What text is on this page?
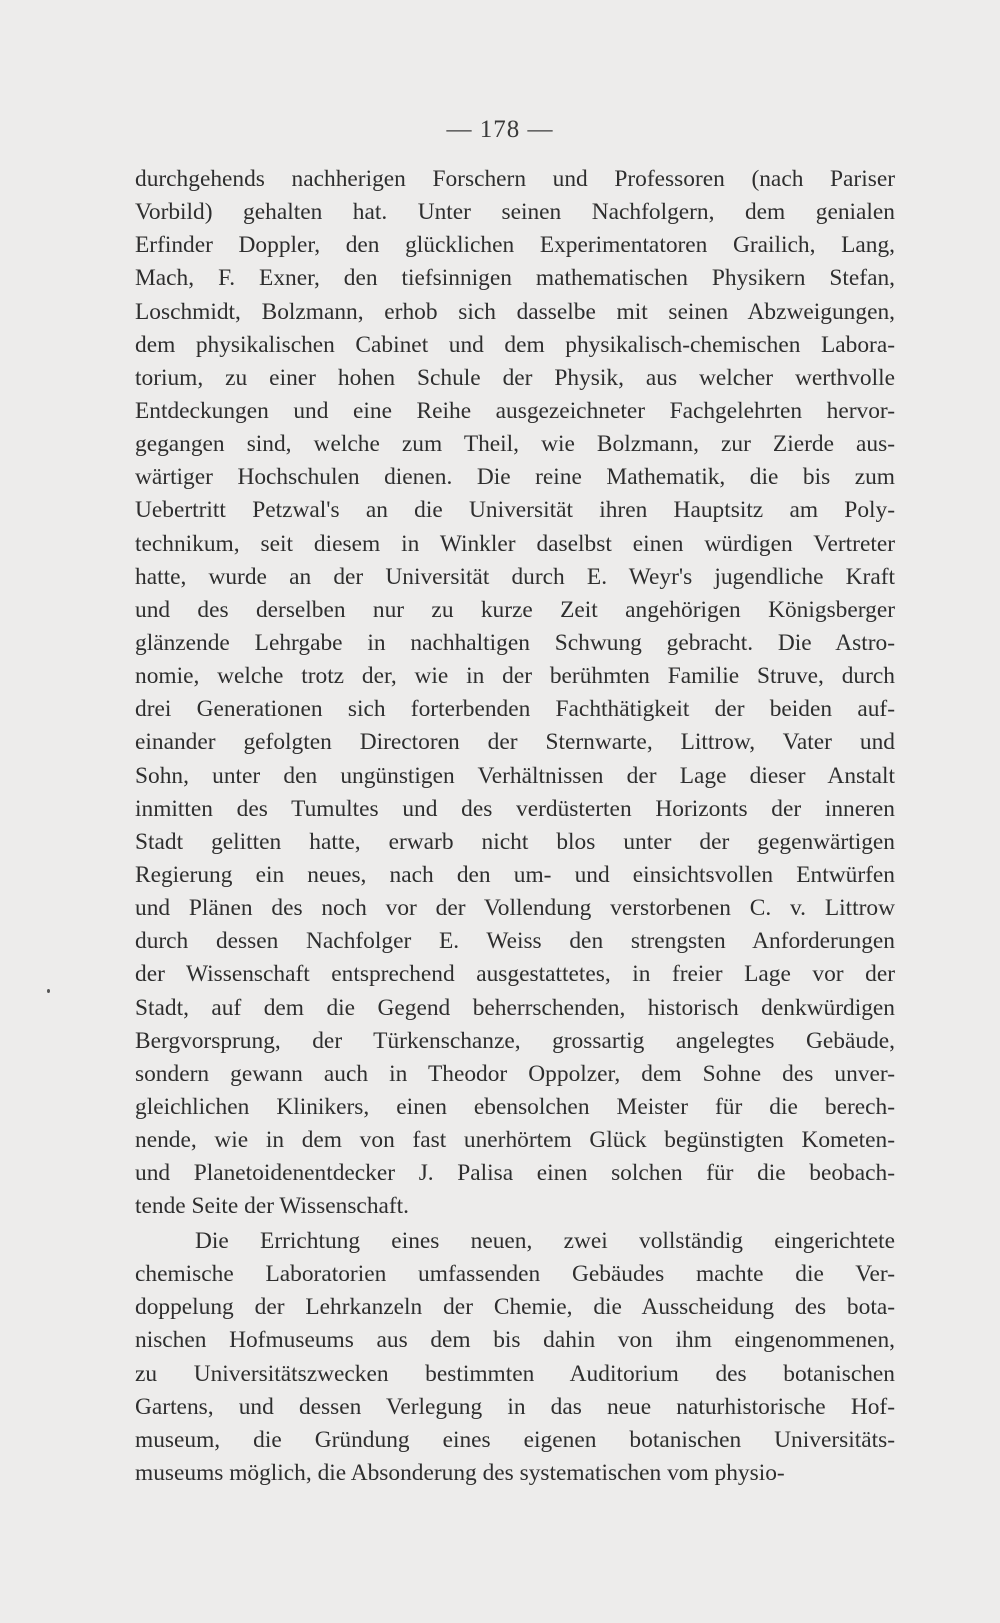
— 178 —
durchgehends nachherigen Forschern und Professoren (nach Pariser
Vorbild) gehalten hat. Unter seinen Nachfolgern, dem genialen
Erfinder Doppler, den glücklichen Experimentatoren Grailich, Lang,
Mach, F. Exner, den tiefsinnigen mathematischen Physikern Stefan,
Loschmidt, Bolzmann, erhob sich dasselbe mit seinen Abzweigungen,
dem physikalischen Cabinet und dem physikalisch-chemischen Labora-
torium, zu einer hohen Schule der Physik, aus welcher werthvolle
Entdeckungen und eine Reihe ausgezeichneter Fachgelehrten hervor-
gegangen sind, welche zum Theil, wie Bolzmann, zur Zierde aus-
wärtiger Hochschulen dienen. Die reine Mathematik, die bis zum
Uebertritt Petzwal's an die Universität ihren Hauptsitz am Poly-
technikum, seit diesem in Winkler daselbst einen würdigen Vertreter
hatte, wurde an der Universität durch E. Weyr's jugendliche Kraft
und des derselben nur zu kurze Zeit angehörigen Königsberger
glänzende Lehrgabe in nachhaltigen Schwung gebracht. Die Astro-
nomie, welche trotz der, wie in der berühmten Familie Struve, durch
drei Generationen sich forterbenden Fachthätigkeit der beiden auf-
einander gefolgten Directoren der Sternwarte, Littrow, Vater und
Sohn, unter den ungünstigen Verhältnissen der Lage dieser Anstalt
inmitten des Tumultes und des verdüsterten Horizonts der inneren
Stadt gelitten hatte, erwarb nicht blos unter der gegenwärtigen
Regierung ein neues, nach den um- und einsichtsvollen Entwürfen
und Plänen des noch vor der Vollendung verstorbenen C. v. Littrow
durch dessen Nachfolger E. Weiss den strengsten Anforderungen
der Wissenschaft entsprechend ausgestattetes, in freier Lage vor der
Stadt, auf dem die Gegend beherrschenden, historisch denkwürdigen
Bergvorsprung, der Türkenschanze, grossartig angelegtes Gebäude,
sondern gewann auch in Theodor Oppolzer, dem Sohne des unver-
gleichlichen Klinikers, einen ebensolchen Meister für die berech-
nende, wie in dem von fast unerhörtem Glück begünstigten Kometen-
und Planetoidenentdecker J. Palisa einen solchen für die beobach-
tende Seite der Wissenschaft.
Die Errichtung eines neuen, zwei vollständig eingerichtete
chemische Laboratorien umfassenden Gebäudes machte die Ver-
doppelung der Lehrkanzeln der Chemie, die Ausscheidung des bota-
nischen Hofmuseums aus dem bis dahin von ihm eingenommenen,
zu Universitätszwecken bestimmten Auditorium des botanischen
Gartens, und dessen Verlegung in das neue naturhistorische Hof-
museum, die Gründung eines eigenen botanischen Universitäts-
museums möglich, die Absonderung des systematischen vom physio-
